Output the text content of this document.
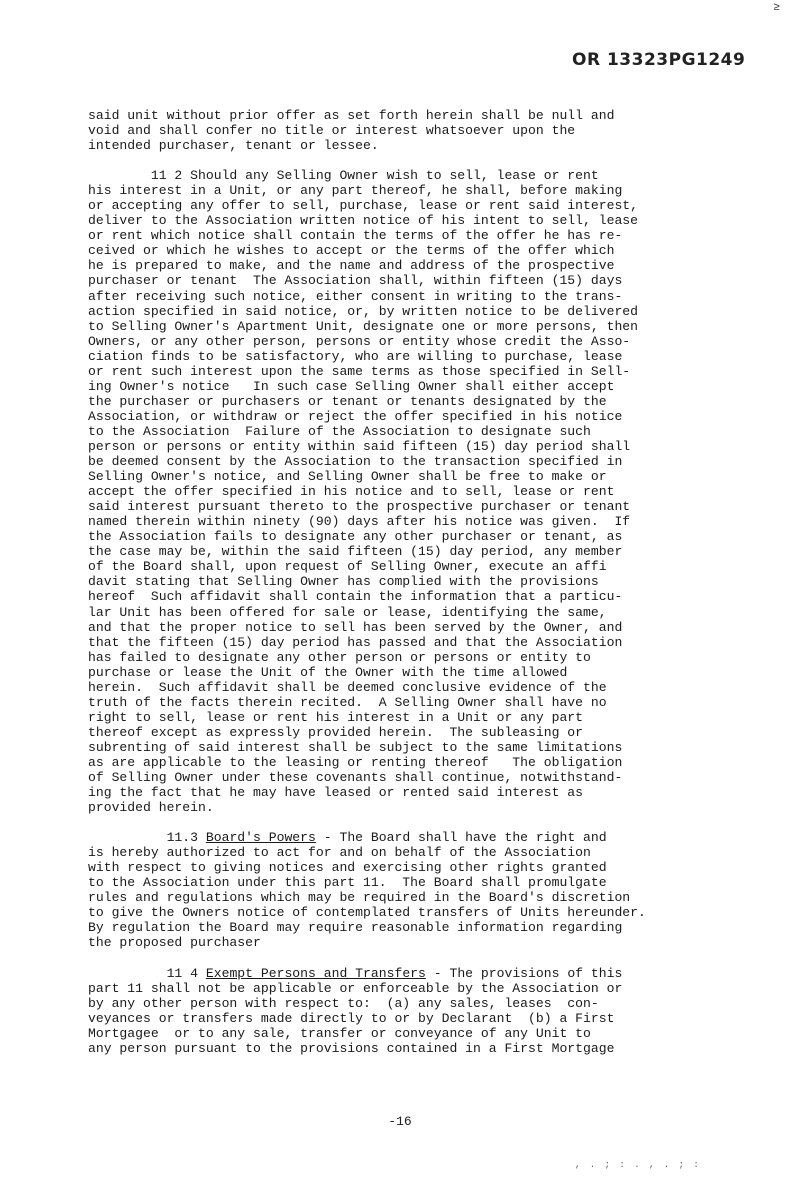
≥
OR 13323PG1249

said unit without prior offer as set forth herein shall be null and
void and shall confer no title or interest whatsoever upon the
intended purchaser, tenant or lessee.

11 2 Should any Selling Owner wish to sell, lease or rent
his interest in a Unit, or any part thereof, he shall, before making
or accepting any offer to sell, purchase, lease or rent said interest,
deliver to the Association written notice of his intent to sell, lease
or rent which notice shall contain the terms of the offer he has re-
ceived or which he wishes to accept or the terms of the offer which
he is prepared to make, and the name and address of the prospective
purchaser or tenant  The Association shall, within fifteen (15) days
after receiving such notice, either consent in writing to the trans-
action specified in said notice, or, by written notice to be delivered
to Selling Owner's Apartment Unit, designate one or more persons, then
Owners, or any other person, persons or entity whose credit the Asso-
ciation finds to be satisfactory, who are willing to purchase, lease
or rent such interest upon the same terms as those specified in Sell-
ing Owner's notice   In such case Selling Owner shall either accept
the purchaser or purchasers or tenant or tenants designated by the
Association, or withdraw or reject the offer specified in his notice
to the Association  Failure of the Association to designate such
person or persons or entity within said fifteen (15) day period shall
be deemed consent by the Association to the transaction specified in
Selling Owner's notice, and Selling Owner shall be free to make or
accept the offer specified in his notice and to sell, lease or rent
said interest pursuant thereto to the prospective purchaser or tenant
named therein within ninety (90) days after his notice was given.  If
the Association fails to designate any other purchaser or tenant, as
the case may be, within the said fifteen (15) day period, any member
of the Board shall, upon request of Selling Owner, execute an affi
davit stating that Selling Owner has complied with the provisions
hereof  Such affidavit shall contain the information that a particu-
lar Unit has been offered for sale or lease, identifying the same,
and that the proper notice to sell has been served by the Owner, and
that the fifteen (15) day period has passed and that the Association
has failed to designate any other person or persons or entity to
purchase or lease the Unit of the Owner with the time allowed
herein.  Such affidavit shall be deemed conclusive evidence of the
truth of the facts therein recited.  A Selling Owner shall have no
right to sell, lease or rent his interest in a Unit or any part
thereof except as expressly provided herein.  The subleasing or
subrenting of said interest shall be subject to the same limitations
as are applicable to the leasing or renting thereof   The obligation
of Selling Owner under these covenants shall continue, notwithstand-
ing the fact that he may have leased or rented said interest as
provided herein.

11.3 Board's Powers - The Board shall have the right and
is hereby authorized to act for and on behalf of the Association
with respect to giving notices and exercising other rights granted
to the Association under this part 11.  The Board shall promulgate
rules and regulations which may be required in the Board's discretion
to give the Owners notice of contemplated transfers of Units hereunder.
By regulation the Board may require reasonable information regarding
the proposed purchaser

11 4 Exempt Persons and Transfers - The provisions of this
part 11 shall not be applicable or enforceable by the Association or
by any other person with respect to:  (a) any sales, leases  con-
veyances or transfers made directly to or by Declarant  (b) a First
Mortgagee  or to any sale, transfer or conveyance of any Unit to
any person pursuant to the provisions contained in a First Mortgage

-16
, . ; : . , . ; :
